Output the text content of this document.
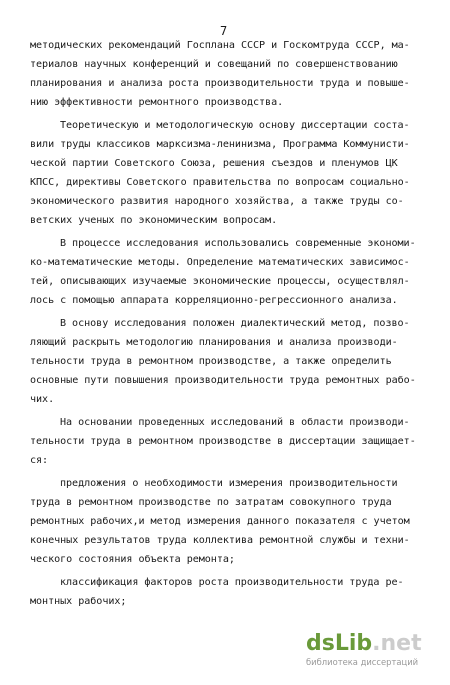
7
методических рекомендаций Госплана СССР и Госкомтруда СССР, ма-
териалов научных конференций и совещаний по совершенствованию
планирования и анализа роста производительности труда и повыше-
нию эффективности ремонтного производства.
Теоретическую и методологическую основу диссертации соста-
вили труды классиков марксизма-ленинизма, Программа Коммунисти-
ческой партии Советского Союза, решения съездов и пленумов ЦК
КПСС, директивы Советского правительства по вопросам социально-
экономического развития народного хозяйства, а также труды со-
ветских ученых по экономическим вопросам.
В процессе исследования использовались современные экономи-
ко-математические методы. Определение математических зависимос-
тей, описывающих изучаемые экономические процессы, осуществлял-
лось с помощью аппарата корреляционно-регрессионного анализа.
В основу исследования положен диалектический метод, позво-
ляющий раскрыть методологию планирования и анализа производи-
тельности труда в ремонтном производстве, а также определить
основные пути повышения производительности труда ремонтных рабо-
чих.
На основании проведенных исследований в области производи-
тельности труда в ремонтном производстве в диссертации защищает-
ся:
предложения о необходимости измерения производительности
труда в ремонтном производстве по затратам совокупного труда
ремонтных рабочих,и метод измерения данного показателя с учетом
конечных результатов труда коллектива ремонтной службы и техни-
ческого состояния объекта ремонта;
классификация факторов роста производительности труда ре-
монтных рабочих;
dsLib.net
библиотека диссертаций
